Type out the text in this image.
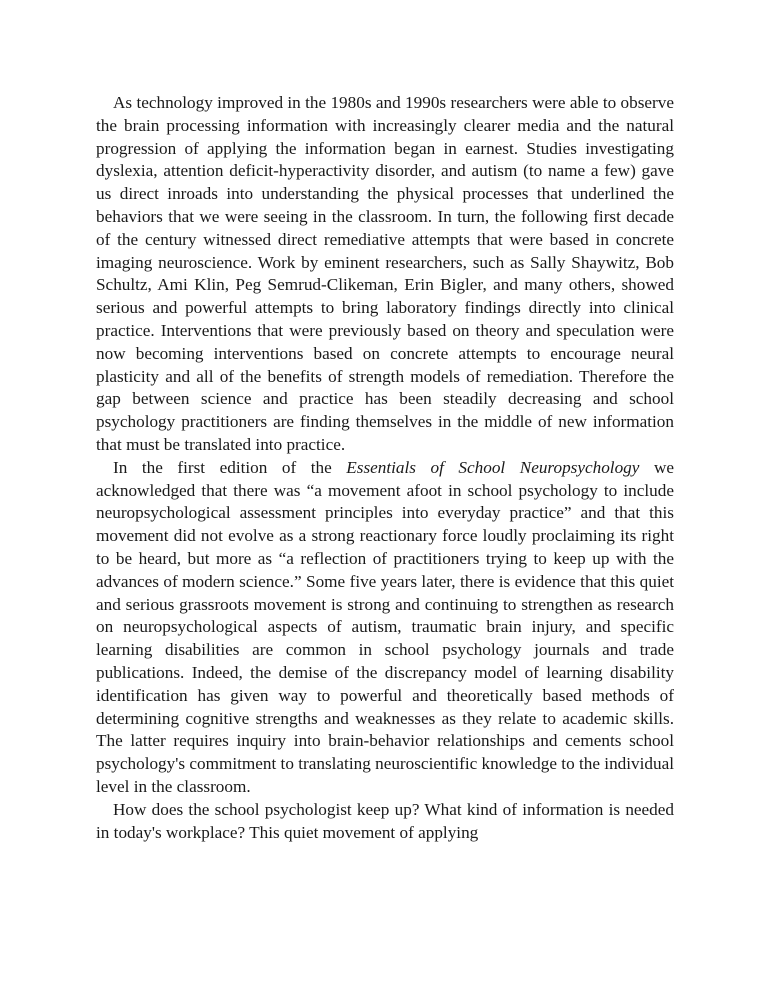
As technology improved in the 1980s and 1990s researchers were able to observe the brain processing information with increasingly clearer media and the natural progression of applying the information began in earnest. Studies investigating dyslexia, attention deficit-hyperactivity disorder, and autism (to name a few) gave us direct inroads into understanding the physical processes that underlined the behaviors that we were seeing in the classroom. In turn, the following first decade of the century witnessed direct remediative attempts that were based in concrete imaging neuroscience. Work by eminent researchers, such as Sally Shaywitz, Bob Schultz, Ami Klin, Peg Semrud-Clikeman, Erin Bigler, and many others, showed serious and powerful attempts to bring laboratory findings directly into clinical practice. Interventions that were previously based on theory and speculation were now becoming interventions based on concrete attempts to encourage neural plasticity and all of the benefits of strength models of remediation. Therefore the gap between science and practice has been steadily decreasing and school psychology practitioners are finding themselves in the middle of new information that must be translated into practice.

In the first edition of the Essentials of School Neuropsychology we acknowledged that there was “a movement afoot in school psychology to include neuropsychological assessment principles into everyday practice” and that this movement did not evolve as a strong reactionary force loudly proclaiming its right to be heard, but more as “a reflection of practitioners trying to keep up with the advances of modern science.” Some five years later, there is evidence that this quiet and serious grassroots movement is strong and continuing to strengthen as research on neuropsychological aspects of autism, traumatic brain injury, and specific learning disabilities are common in school psychology journals and trade publications. Indeed, the demise of the discrepancy model of learning disability identification has given way to powerful and theoretically based methods of determining cognitive strengths and weaknesses as they relate to academic skills. The latter requires inquiry into brain-behavior relationships and cements school psychology's commitment to translating neuroscientific knowledge to the individual level in the classroom.

How does the school psychologist keep up? What kind of information is needed in today's workplace? This quiet movement of applying
